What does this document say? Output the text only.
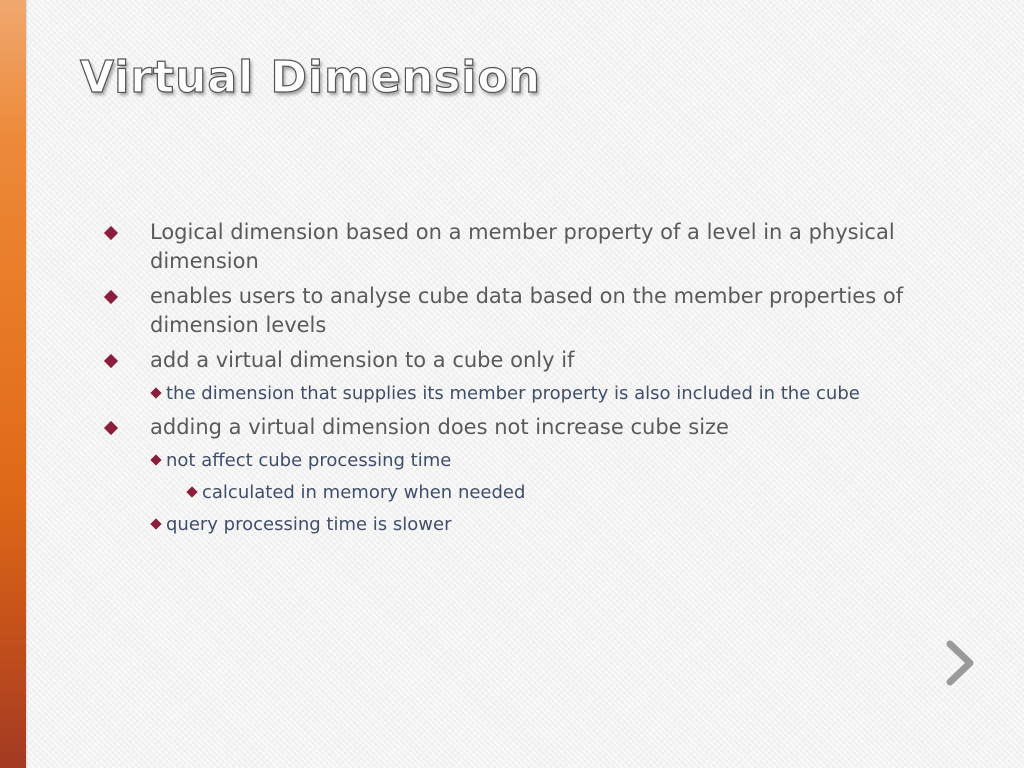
Virtual Dimension
Logical dimension based on a member property of a level in a physical dimension
enables users to analyse cube data based on the member properties of dimension levels
add a virtual dimension to a cube only if
the dimension that supplies its member property is also included in the cube
adding a virtual dimension does not increase cube size
not affect cube processing time
calculated in memory when needed
query processing time is slower
